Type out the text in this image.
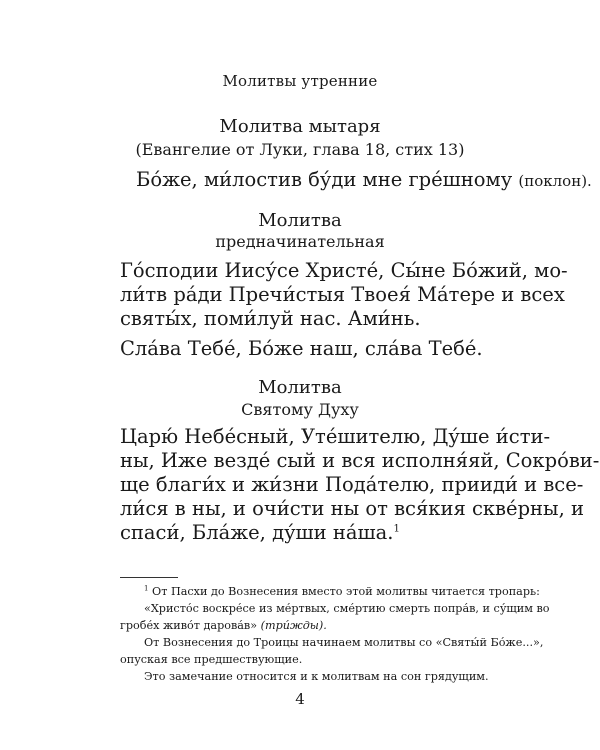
Молитвы утренние
Молитва мытаря
(Евангелие от Луки, глава 18, стих 13)
Бо́же, ми́лостив бу́ди мне гре́шному (поклон).
Молитва
предначинательная
Го́сподии Иису́се Христе́, Сы́не Бо́жий, мо-
ли́тв ра́ди Пречи́стыя Твоея́ Ма́тере и всех
святы́х, поми́луй нас. Ами́нь.
Сла́ва Тебе́, Бо́же наш, сла́ва Тебе́.
Молитва
Святому Духу
Царю́ Небе́сный, Уте́шителю, Ду́ше и́сти-
ны, Иже везде́ сый и вся исполня́яй, Сокро́ви-
ще благи́х и жи́зни Пода́телю, прииди́ и все-
ли́ся в ны, и очи́сти ны от вся́кия скве́рны, и
спаси́, Бла́же, ду́ши на́ша.$^1$
$^1$ От Пасхи до Вознесения вместо этой молитвы читается тропарь:
«Христо́с воскре́се из ме́ртвых, сме́ртию смерть попра́в, и су́щим во
гробе́х живо́т дарова́в» (три́жды).
От Вознесения до Троицы начинаем молитвы со «Святы́й Бо́же...»,
опуская все предшествующие.
Это замечание относится и к молитвам на сон грядущим.
4
